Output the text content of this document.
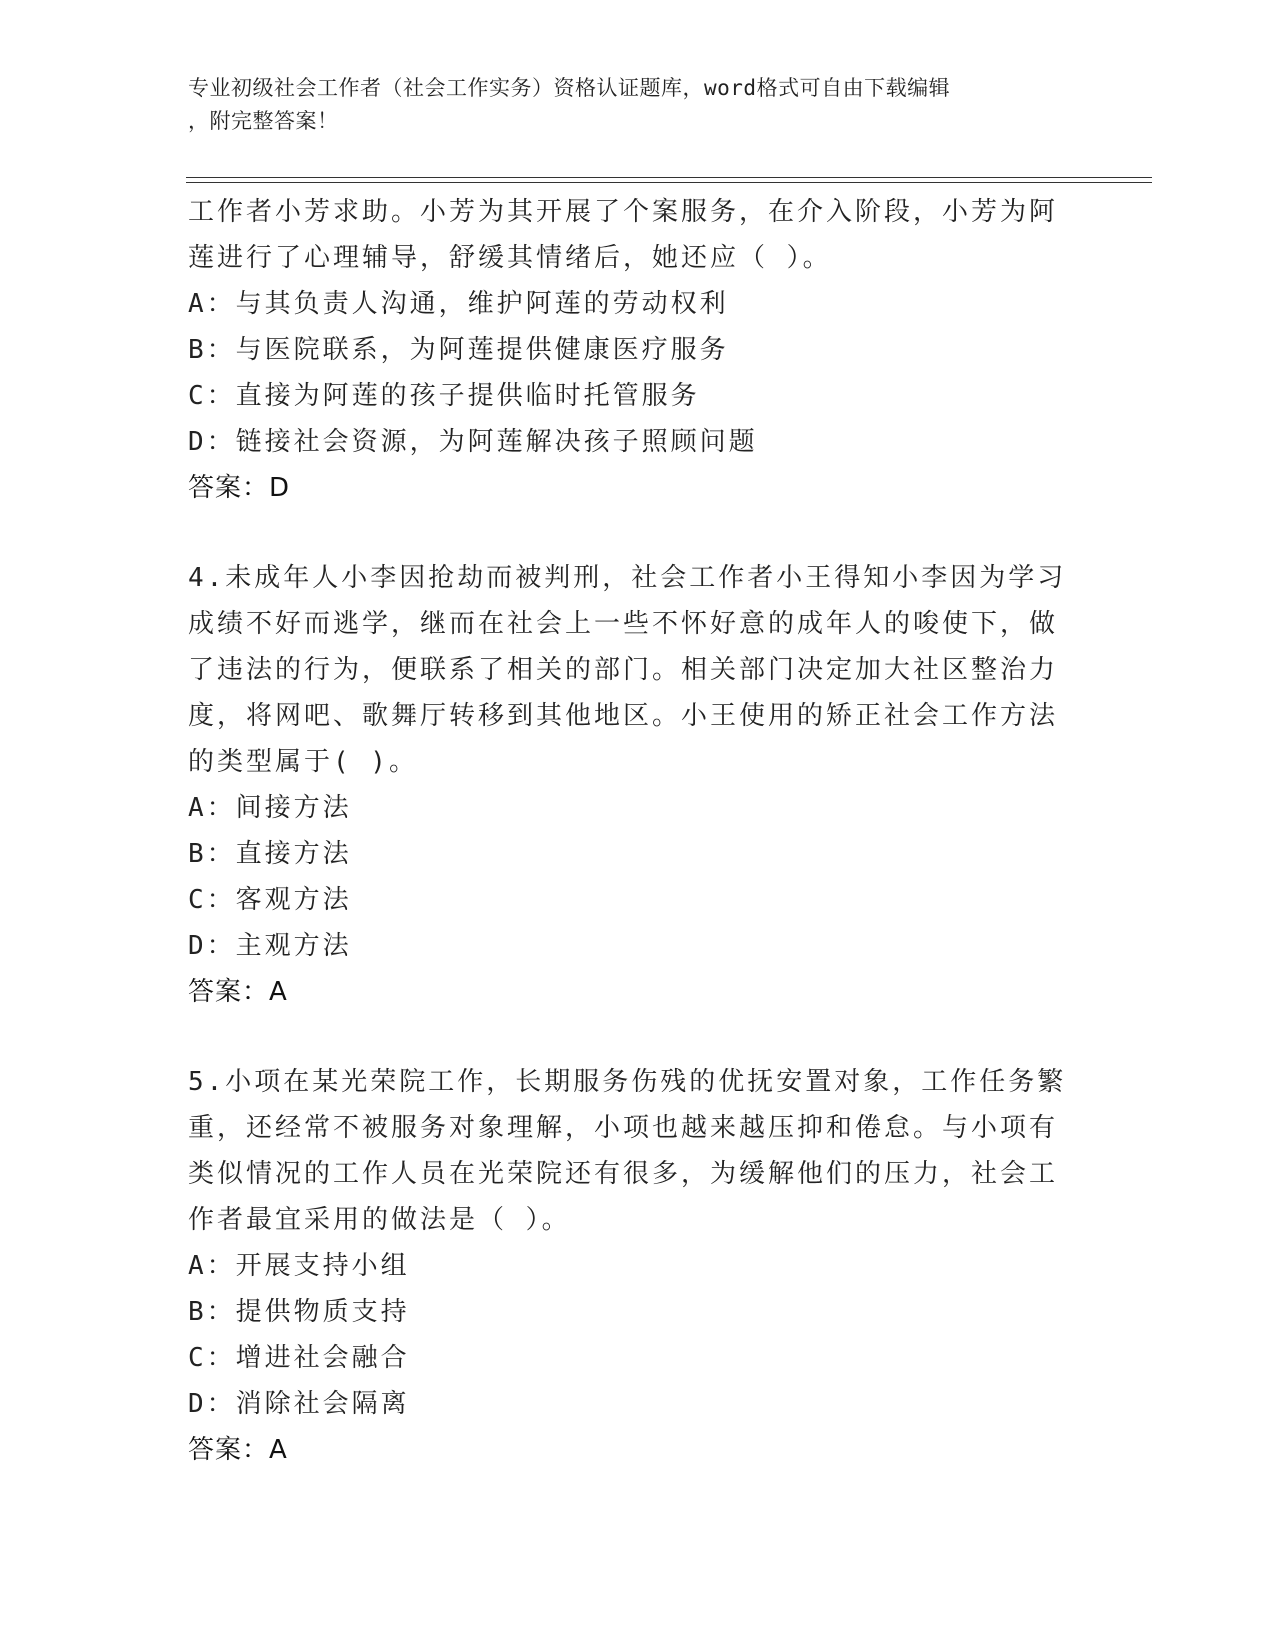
专业初级社会工作者（社会工作实务）资格认证题库，word格式可自由下载编辑
，附完整答案！
工作者小芳求助。小芳为其开展了个案服务，在介入阶段，小芳为阿
莲进行了心理辅导，舒缓其情绪后，她还应（ ）。
A：与其负责人沟通，维护阿莲的劳动权利
B：与医院联系，为阿莲提供健康医疗服务
C：直接为阿莲的孩子提供临时托管服务
D：链接社会资源，为阿莲解决孩子照顾问题
答案：D
4.未成年人小李因抢劫而被判刑，社会工作者小王得知小李因为学习
成绩不好而逃学，继而在社会上一些不怀好意的成年人的唆使下，做
了违法的行为，便联系了相关的部门。相关部门决定加大社区整治力
度，将网吧、歌舞厅转移到其他地区。小王使用的矫正社会工作方法
的类型属于( )。
A：间接方法
B：直接方法
C：客观方法
D：主观方法
答案：A
5.小项在某光荣院工作，长期服务伤残的优抚安置对象，工作任务繁
重，还经常不被服务对象理解，小项也越来越压抑和倦怠。与小项有
类似情况的工作人员在光荣院还有很多，为缓解他们的压力，社会工
作者最宜采用的做法是（ ）。
A：开展支持小组
B：提供物质支持
C：增进社会融合
D：消除社会隔离
答案：A
